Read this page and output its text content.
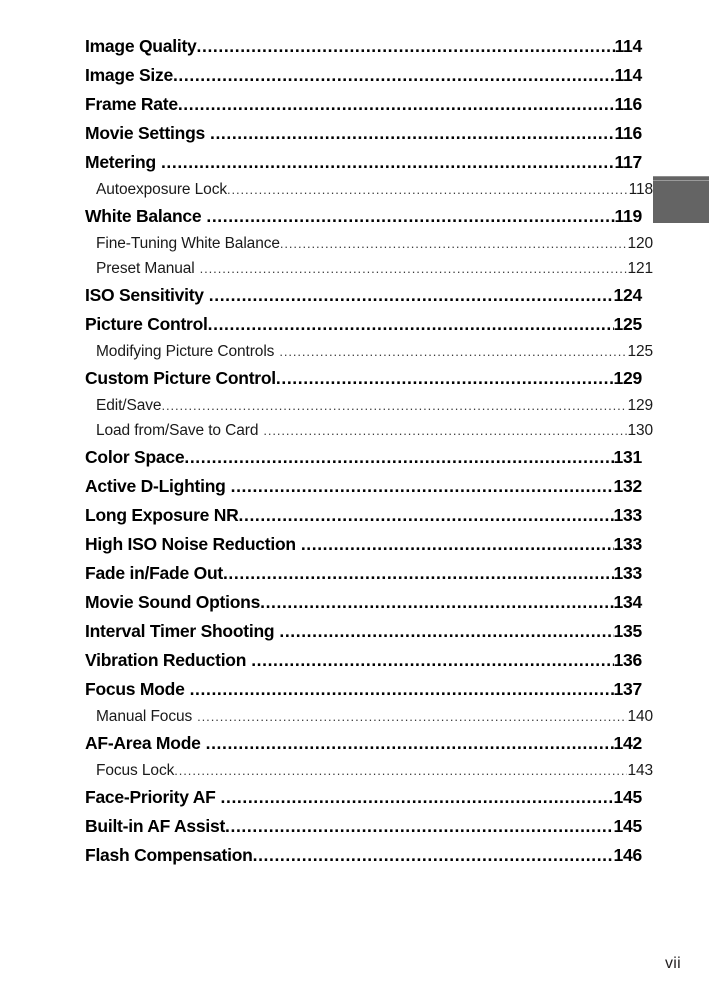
Image Quality .....	114
Image Size .....	114
Frame Rate .....	116
Movie Settings .....	116
Metering .....	117
Autoexposure Lock .....	118
White Balance .....	119
Fine-Tuning White Balance .....	120
Preset Manual .....	121
ISO Sensitivity .....	124
Picture Control .....	125
Modifying Picture Controls .....	125
Custom Picture Control .....	129
Edit/Save .....	129
Load from/Save to Card .....	130
Color Space .....	131
Active D-Lighting .....	132
Long Exposure NR .....	133
High ISO Noise Reduction .....	133
Fade in/Fade Out .....	133
Movie Sound Options .....	134
Interval Timer Shooting .....	135
Vibration Reduction .....	136
Focus Mode .....	137
Manual Focus .....	140
AF-Area Mode .....	142
Focus Lock .....	143
Face-Priority AF .....	145
Built-in AF Assist .....	145
Flash Compensation .....	146
vii
